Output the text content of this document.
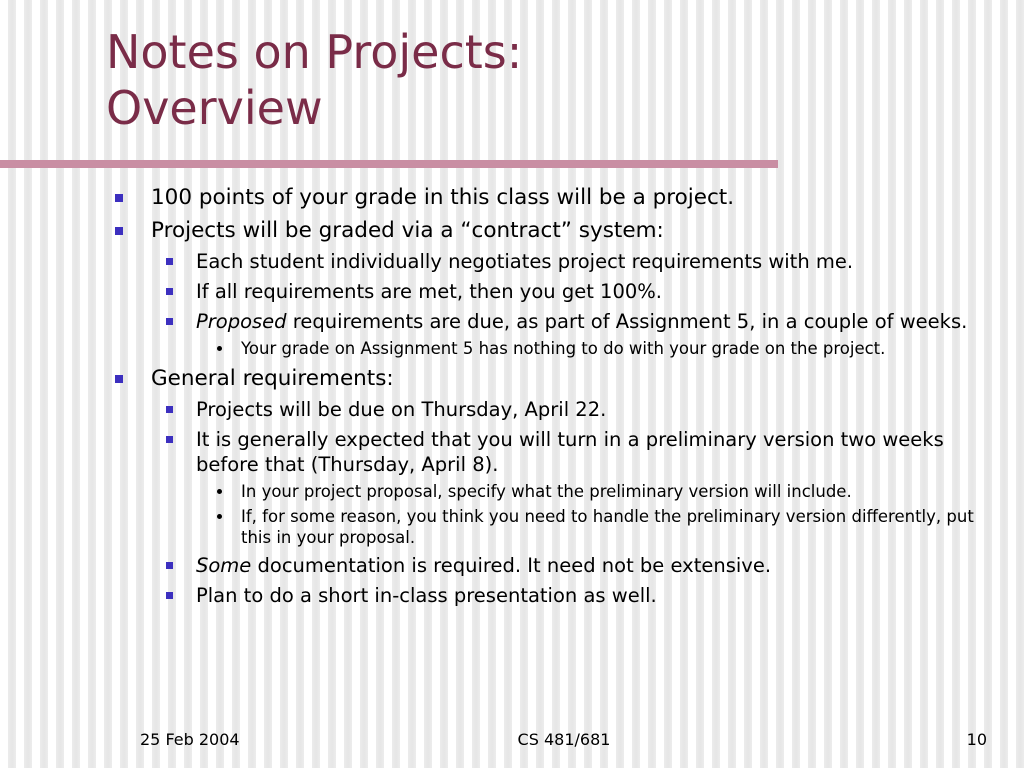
Notes on Projects:
Overview

100 points of your grade in this class will be a project.

Projects will be graded via a “contract” system:

Each student individually negotiates project requirements with me.

If all requirements are met, then you get 100%.

Proposed requirements are due, as part of Assignment 5, in a couple of weeks.

Your grade on Assignment 5 has nothing to do with your grade on the project.

General requirements:

Projects will be due on Thursday, April 22.

It is generally expected that you will turn in a preliminary version two weeks before that (Thursday, April 8).

In your project proposal, specify what the preliminary version will include.

If, for some reason, you think you need to handle the preliminary version differently, put this in your proposal.

Some documentation is required. It need not be extensive.

Plan to do a short in-class presentation as well.

25 Feb 2004	CS 481/681	10
